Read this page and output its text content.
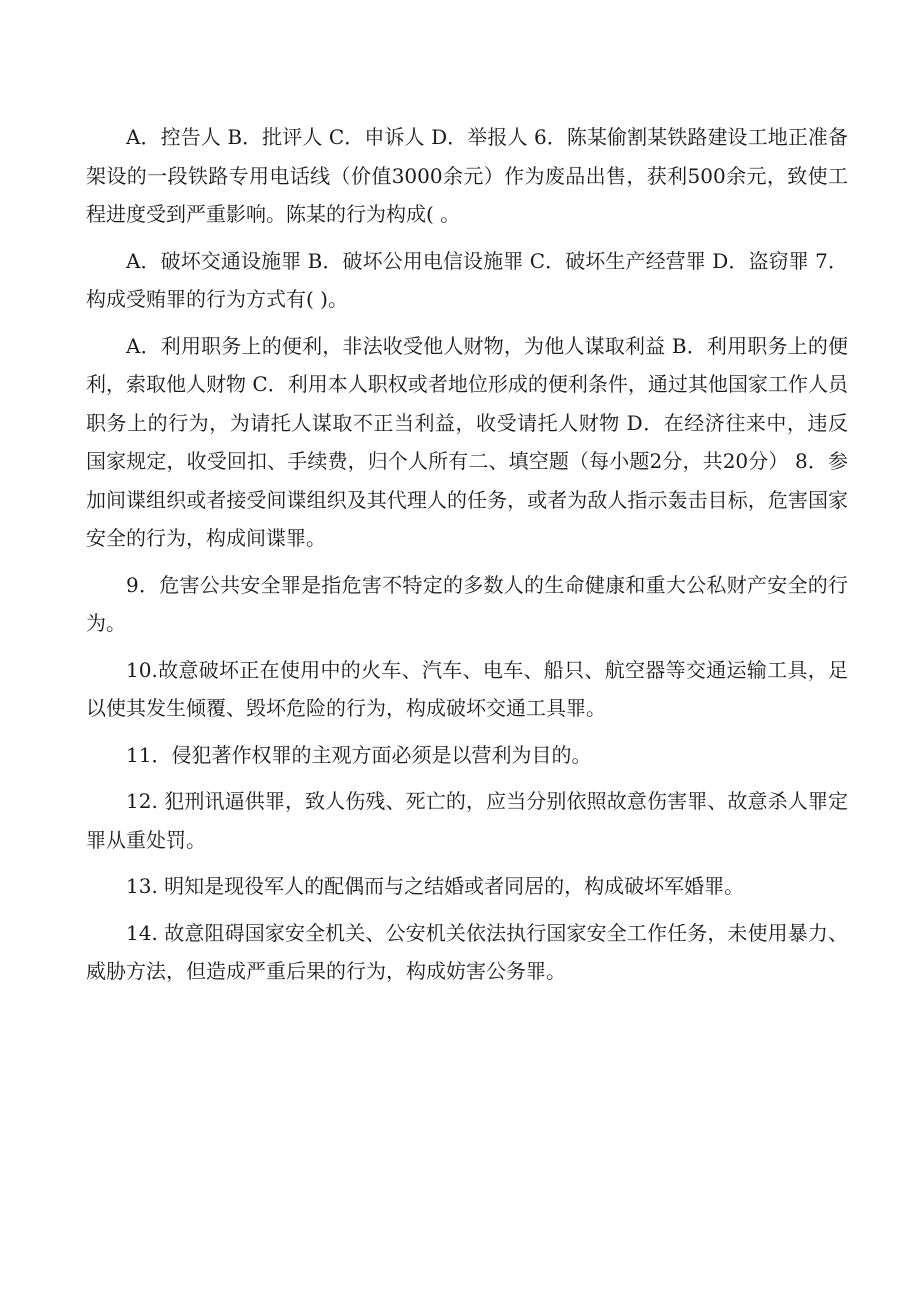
A．控告人 B．批评人 C．申诉人 D．举报人 6．陈某偷割某铁路建设工地正准备架设的一段铁路专用电话线（价值3000余元）作为废品出售，获利500余元，致使工程进度受到严重影响。陈某的行为构成( 。

A．破坏交通设施罪 B．破坏公用电信设施罪 C．破坏生产经营罪 D．盗窃罪 7．构成受贿罪的行为方式有( )。

A．利用职务上的便利，非法收受他人财物，为他人谋取利益 B．利用职务上的便利，索取他人财物 C．利用本人职权或者地位形成的便利条件，通过其他国家工作人员职务上的行为，为请托人谋取不正当利益，收受请托人财物 D．在经济往来中，违反国家规定，收受回扣、手续费，归个人所有二、填空题（每小题2分，共20分） 8．参加间谍组织或者接受间谍组织及其代理人的任务，或者为敌人指示轰击目标，危害国家安全的行为，构成间谍罪。

9．危害公共安全罪是指危害不特定的多数人的生命健康和重大公私财产安全的行为。

10.故意破坏正在使用中的火车、汽车、电车、船只、航空器等交通运输工具，足以使其发生倾覆、毁坏危险的行为，构成破坏交通工具罪。

11．侵犯著作权罪的主观方面必须是以营利为目的。

12. 犯刑讯逼供罪，致人伤残、死亡的，应当分别依照故意伤害罪、故意杀人罪定罪从重处罚。

13. 明知是现役军人的配偶而与之结婚或者同居的，构成破坏军婚罪。

14. 故意阻碍国家安全机关、公安机关依法执行国家安全工作任务，未使用暴力、威胁方法，但造成严重后果的行为，构成妨害公务罪。
